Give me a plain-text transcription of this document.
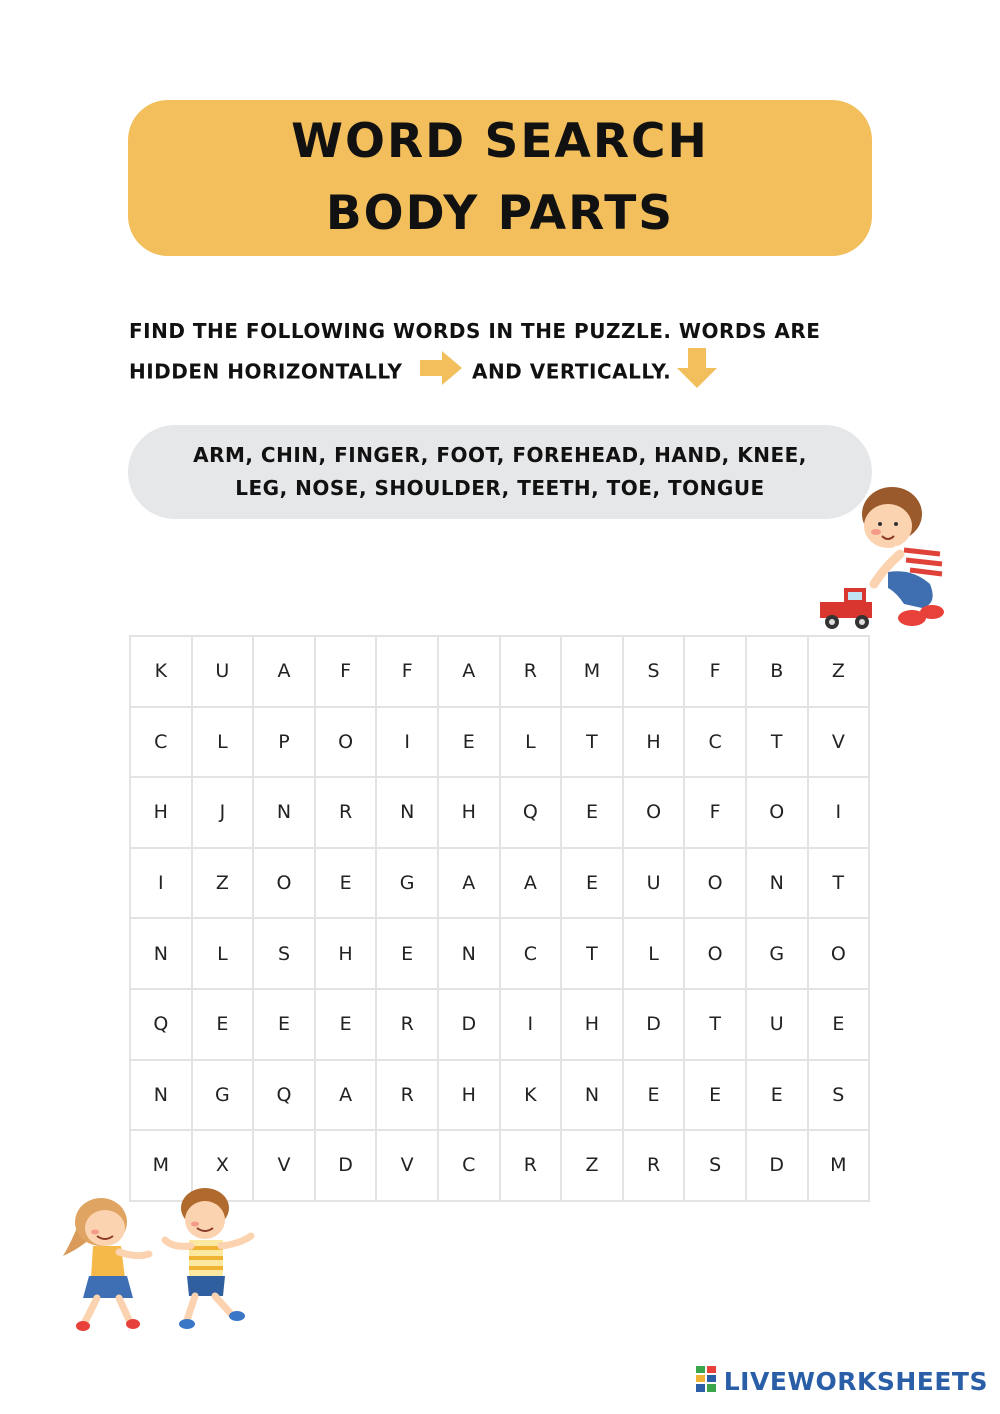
WORD SEARCH
BODY PARTS
FIND THE FOLLOWING WORDS IN THE PUZZLE. WORDS ARE
HIDDEN HORIZONTALLY	AND VERTICALLY.
ARM, CHIN, FINGER, FOOT, FOREHEAD, HAND, KNEE,
LEG, NOSE, SHOULDER, TEETH, TOE, TONGUE
K	U	A	F	F	A	R	M	S	F	B	Z
C	L	P	O	I	E	L	T	H	C	T	V
H	J	N	R	N	H	Q	E	O	F	O	I
I	Z	O	E	G	A	A	E	U	O	N	T
N	L	S	H	E	N	C	T	L	O	G	O
Q	E	E	E	R	D	I	H	D	T	U	E
N	G	Q	A	R	H	K	N	E	E	E	S
M	X	V	D	V	C	R	Z	R	S	D	M
LIVEWORKSHEETS
